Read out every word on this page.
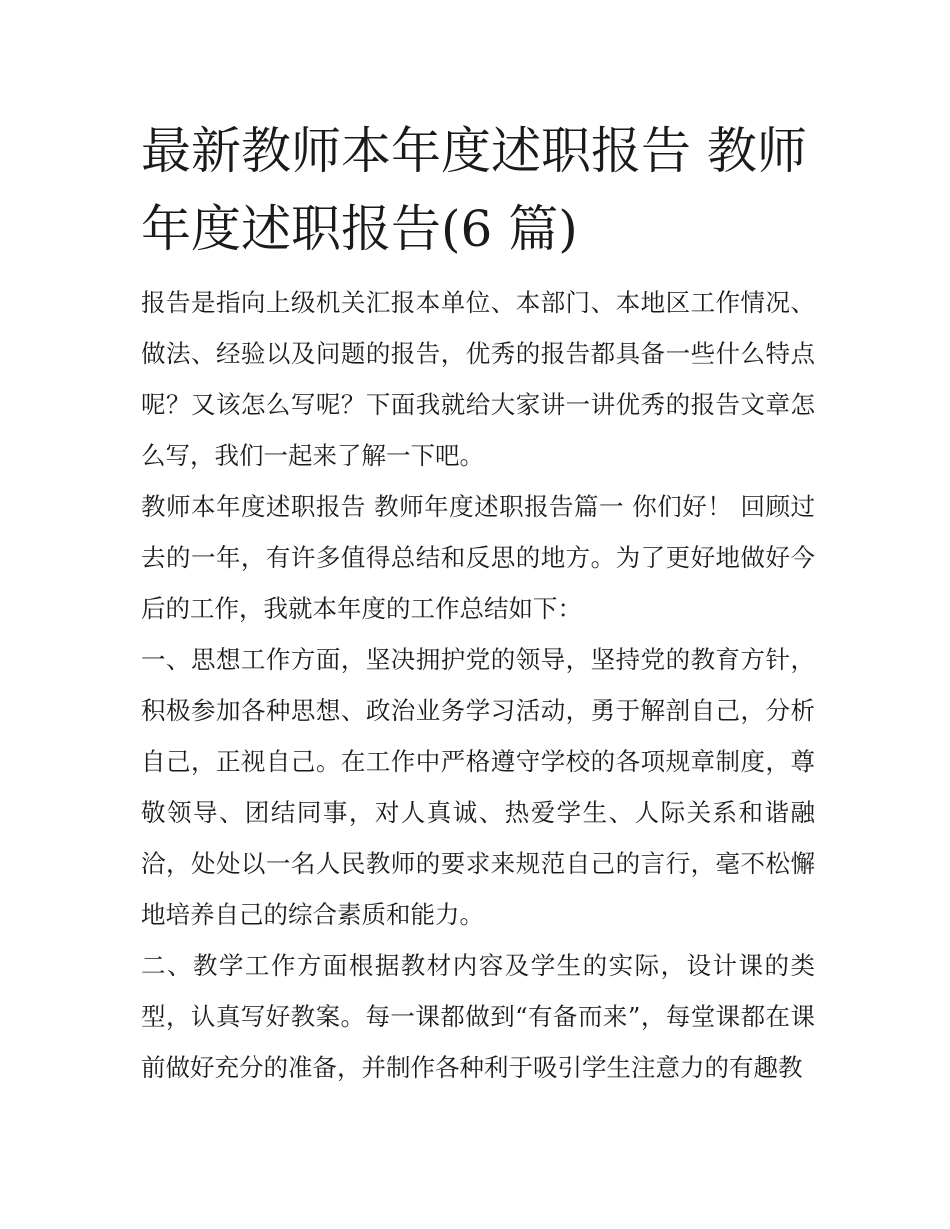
最新教师本年度述职报告 教师年度述职报告(6 篇)

报告是指向上级机关汇报本单位、本部门、本地区工作情况、做法、经验以及问题的报告，优秀的报告都具备一些什么特点呢？又该怎么写呢？下面我就给大家讲一讲优秀的报告文章怎么写，我们一起来了解一下吧。

教师本年度述职报告 教师年度述职报告篇一 你们好！ 回顾过去的一年，有许多值得总结和反思的地方。为了更好地做好今后的工作，我就本年度的工作总结如下：

一、思想工作方面，坚决拥护党的领导，坚持党的教育方针，积极参加各种思想、政治业务学习活动，勇于解剖自己，分析自己，正视自己。在工作中严格遵守学校的各项规章制度，尊敬领导、团结同事，对人真诚、热爱学生、人际关系和谐融洽，处处以一名人民教师的要求来规范自己的言行，毫不松懈地培养自己的综合素质和能力。

二、教学工作方面根据教材内容及学生的实际，设计课的类型，认真写好教案。每一课都做到“有备而来”，每堂课都在课前做好充分的准备，并制作各种利于吸引学生注意力的有趣教
